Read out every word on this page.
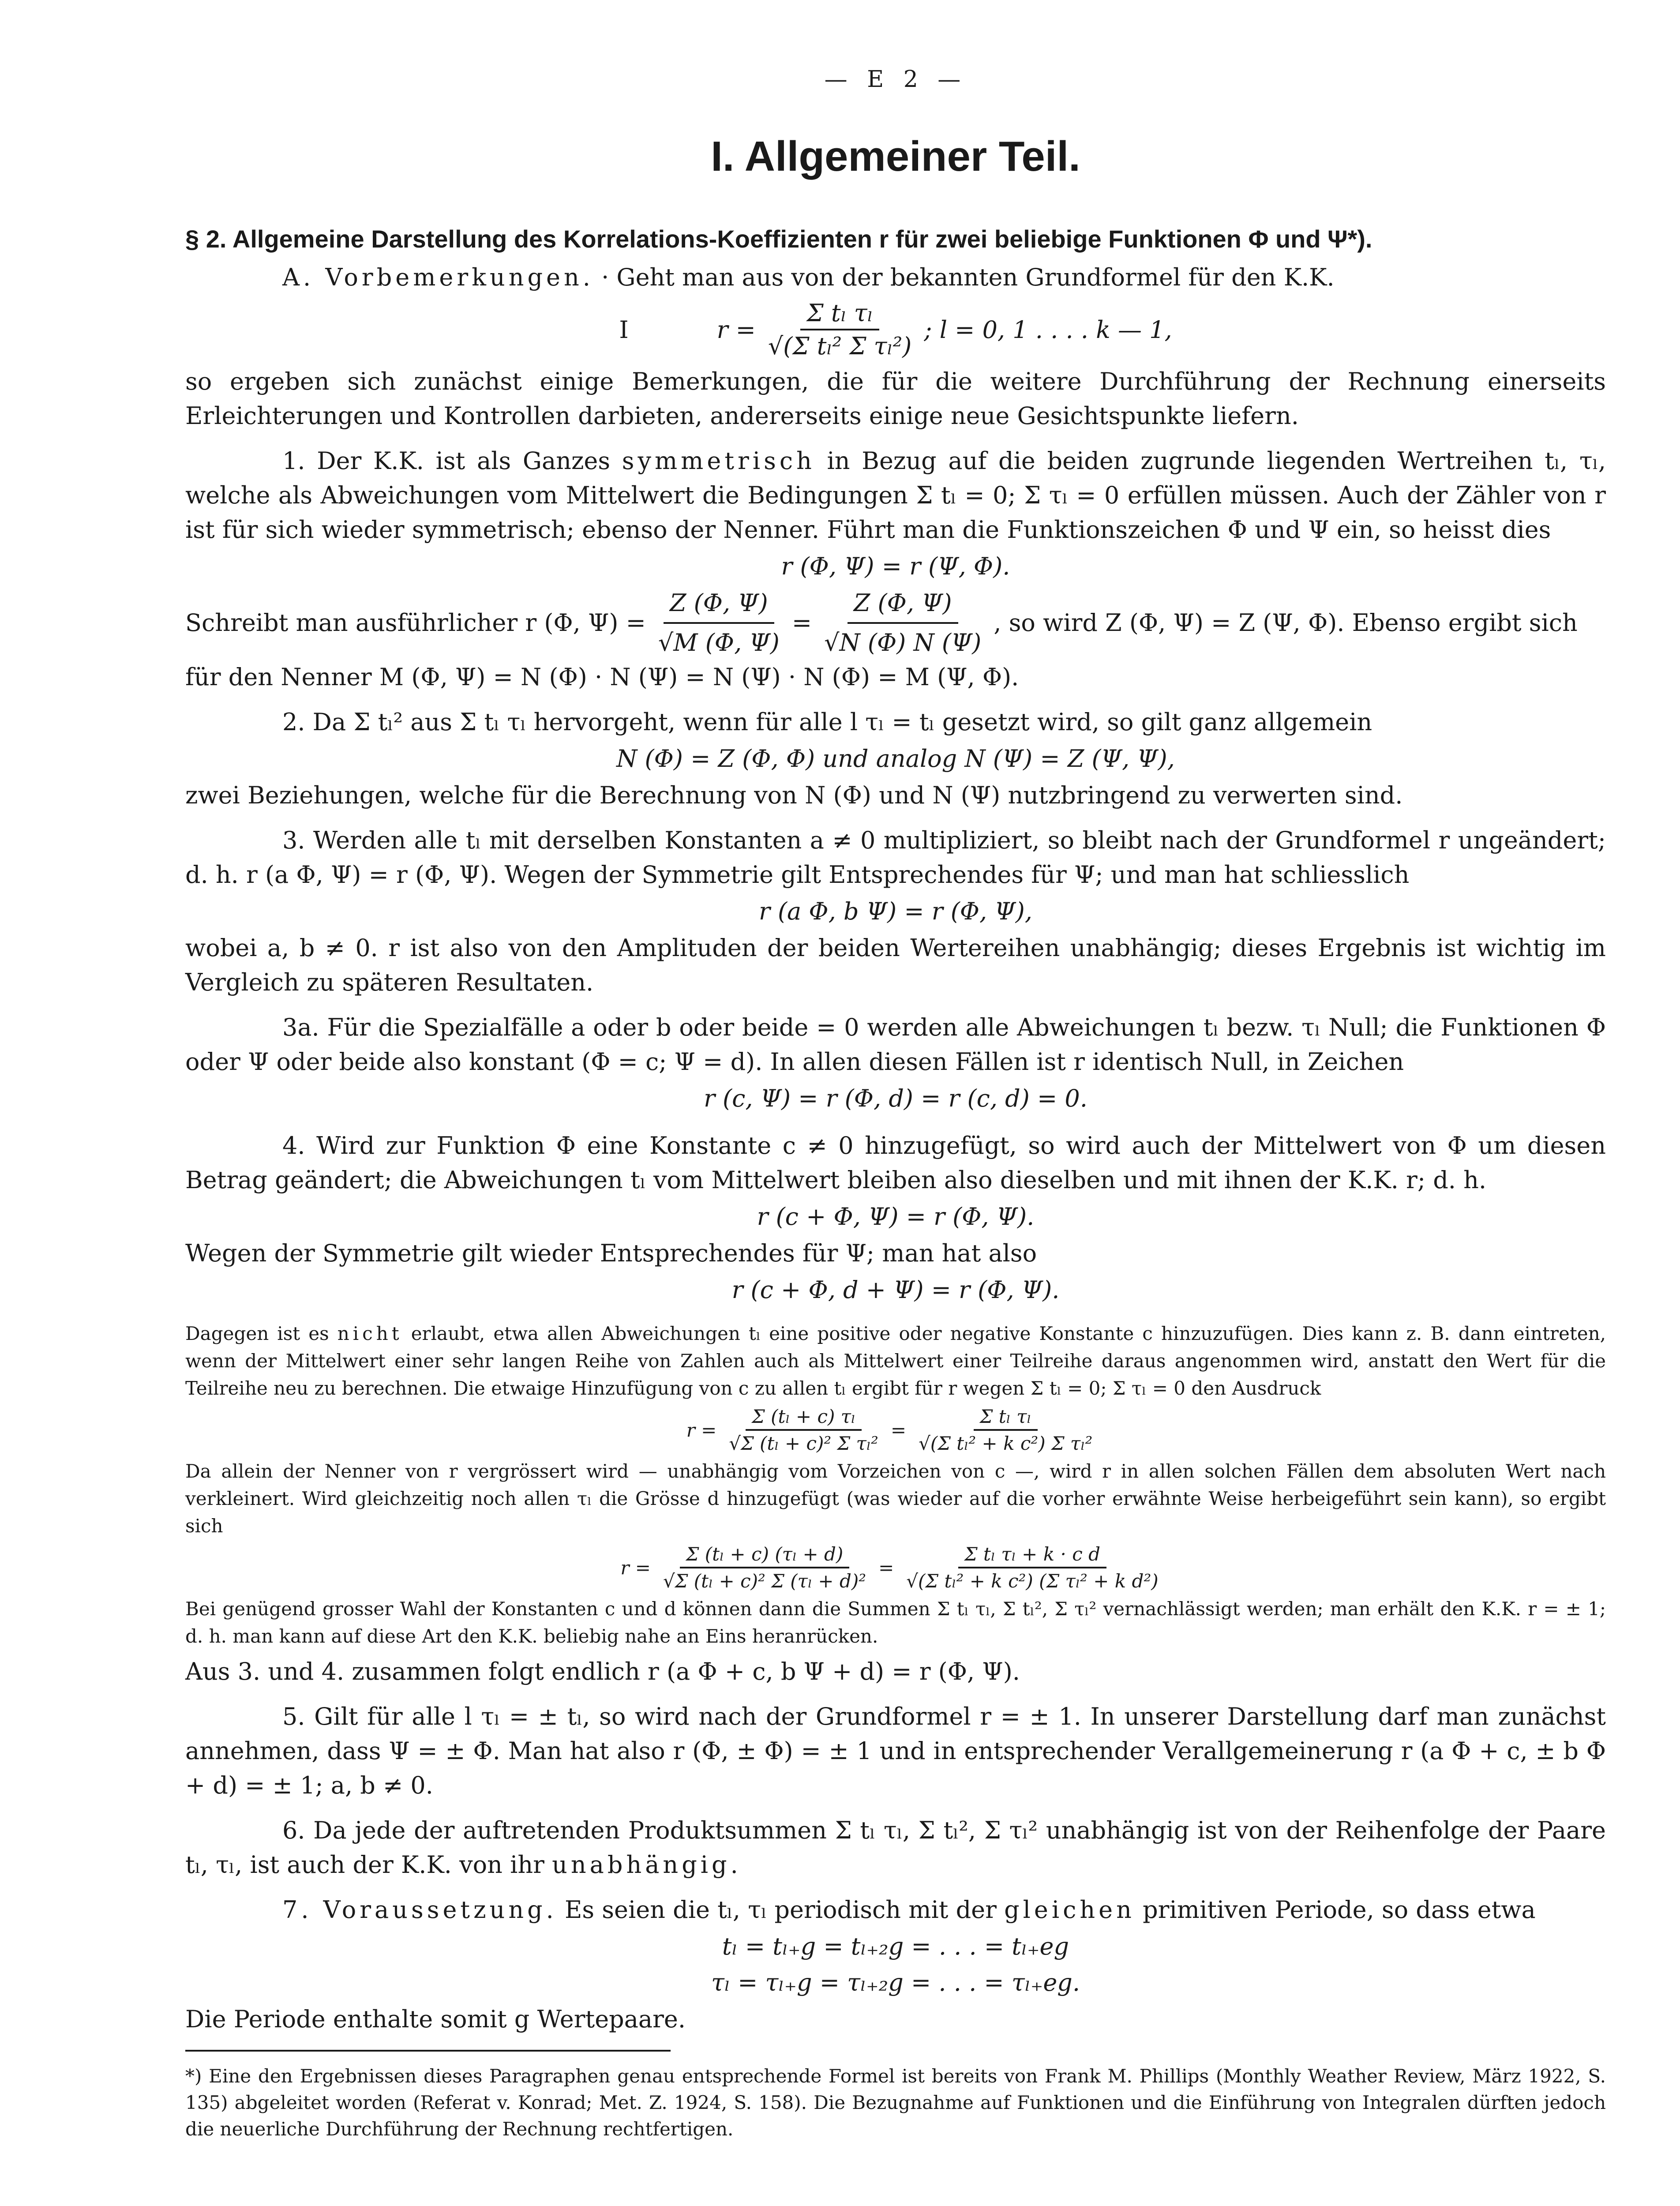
— E 2 —
I. Allgemeiner Teil.
§ 2. Allgemeine Darstellung des Korrelations-Koeffizienten r für zwei beliebige Funktionen Φ und Ψ*).

A. Vorbemerkungen. · Geht man aus von der bekannten Grundformel für den K.K.

I	$r = \frac{\text{Σ tₗ τₗ}}{\text{√(Σ tₗ² Σ τₗ²)}}$ ; l = 0, 1 . . . . k — 1,

so ergeben sich zunächst einige Bemerkungen, die für die weitere Durchführung der Rechnung einerseits Erleichterungen und Kontrollen darbieten, andererseits einige neue Gesichtspunkte liefern.

1. Der K.K. ist als Ganzes symmetrisch in Bezug auf die beiden zugrunde liegenden Wertreihen tₗ, τₗ, welche als Abweichungen vom Mittelwert die Bedingungen Σ tₗ = 0; Σ τₗ = 0 erfüllen müssen. Auch der Zähler von r ist für sich wieder symmetrisch; ebenso der Nenner. Führt man die Funktionszeichen Φ und Ψ ein, so heisst dies

r (Φ, Ψ) = r (Ψ, Φ).
Schreibt man ausführlicher r (Φ, $\Psi) = \frac{Z (\Phi, \Psi)}{√M (\Phi, \Psi)} = \frac{Z (\Phi, \Psi)}{√N (\Phi) N (\Psi)}$ , so wird Z (Φ, Ψ) = Z (Ψ, Φ). Ebenso ergibt sich

für den Nenner M (Φ, Ψ) = N (Φ) · N (Ψ) = N (Ψ) · N (Φ) = M (Ψ, Φ).

2. Da Σ tₗ² aus Σ tₗ τₗ hervorgeht, wenn für alle l τₗ = tₗ gesetzt wird, so gilt ganz allgemein

N (Φ) = Z (Φ, Φ) und analog N (Ψ) = Z (Ψ, Ψ),

zwei Beziehungen, welche für die Berechnung von N (Φ) und N (Ψ) nutzbringend zu verwerten sind.

3. Werden alle tₗ mit derselben Konstanten a ≠ 0 multipliziert, so bleibt nach der Grundformel r ungeändert; d. h. r (a Φ, Ψ) = r (Φ, Ψ). Wegen der Symmetrie gilt Entsprechendes für Ψ; und man hat schliesslich

r (a Φ, b Ψ) = r (Φ, Ψ),

wobei a, b ≠ 0. r ist also von den Amplituden der beiden Wertereihen unabhängig; dieses Ergebnis ist wichtig im Vergleich zu späteren Resultaten.

3a. Für die Spezialfälle a oder b oder beide = 0 werden alle Abweichungen tₗ bezw. τₗ Null; die Funktionen Φ oder Ψ oder beide also konstant (Φ = c; Ψ = d). In allen diesen Fällen ist r identisch Null, in Zeichen

r (c, Ψ) = r (Φ, d) = r (c, d) = 0.

4. Wird zur Funktion Φ eine Konstante c ≠ 0 hinzugefügt, so wird auch der Mittelwert von Φ um diesen Betrag geändert; die Abweichungen tₗ vom Mittelwert bleiben also dieselben und mit ihnen der K.K. r; d. h.

r (c + Φ, Ψ) = r (Φ, Ψ).

Wegen der Symmetrie gilt wieder Entsprechendes für Ψ; man hat also

r (c + Φ, d + Ψ) = r (Φ, Ψ).

Dagegen ist es nicht erlaubt, etwa allen Abweichungen tₗ eine positive oder negative Konstante c hinzuzufügen. Dies kann z. B. dann eintreten, wenn der Mittelwert einer sehr langen Reihe von Zahlen auch als Mittelwert einer Teilreihe daraus angenommen wird, anstatt den Wert für die Teilreihe neu zu berechnen. Die etwaige Hinzufügung von c zu allen tₗ ergibt für r wegen Σ tₗ = 0; Σ τₗ = 0 den Ausdruck

$r = \frac{\text{Σ (tₗ + c) τₗ}}{\text{√Σ (tₗ + c)² Σ τₗ²}} = \frac{\text{Σ tₗ τₗ}}{\text{√(Σ tₗ² + k c²) Σ τₗ²}}$

Da allein der Nenner von r vergrössert wird — unabhängig vom Vorzeichen von c —, wird r in allen solchen Fällen dem absoluten Wert nach verkleinert. Wird gleichzeitig noch allen τₗ die Grösse d hinzugefügt (was wieder auf die vorher erwähnte Weise herbeigeführt sein kann), so ergibt sich

$r = \frac{\text{Σ (tₗ + c) (τₗ + d)}}{\text{√Σ (tₗ + c)² Σ (τₗ + d)²}} = \frac{\text{Σ tₗ τₗ + k · c d}}{\text{√(Σ tₗ² + k c²) (Σ τₗ² + k d²)}}$

Bei genügend grosser Wahl der Konstanten c und d können dann die Summen Σ tₗ τₗ, Σ tₗ², Σ τₗ² vernachlässigt werden; man erhält den K.K. r = ± 1; d. h. man kann auf diese Art den K.K. beliebig nahe an Eins heranrücken.

Aus 3. und 4. zusammen folgt endlich r (a Φ + c, b Ψ + d) = r (Φ, Ψ).

5. Gilt für alle l τₗ = ± tₗ, so wird nach der Grundformel r = ± 1. In unserer Darstellung darf man zunächst annehmen, dass Ψ = ± Φ. Man hat also r (Φ, ± Φ) = ± 1 und in entsprechender Verallgemeinerung r (a Φ + c, ± b Φ + d) = ± 1; a, b ≠ 0.

6. Da jede der auftretenden Produktsummen Σ tₗ τₗ, Σ tₗ², Σ τₗ² unabhängig ist von der Reihenfolge der Paare tₗ, τₗ, ist auch der K.K. von ihr unabhängig.

7. Voraussetzung. Es seien die tₗ, τₗ periodisch mit der gleichen primitiven Periode, so dass etwa

tₗ = tₗ₊g = tₗ₊₂g = . . . = tₗ₊eg
τₗ = τₗ₊g = τₗ₊₂g = . . . = τₗ₊eg.

Die Periode enthalte somit g Wertepaare.

*) Eine den Ergebnissen dieses Paragraphen genau entsprechende Formel ist bereits von Frank M. Phillips (Monthly Weather Review, März 1922, S. 135) abgeleitet worden (Referat v. Konrad; Met. Z. 1924, S. 158). Die Bezugnahme auf Funktionen und die Einführung von Integralen dürften jedoch die neuerliche Durchführung der Rechnung rechtfertigen.
